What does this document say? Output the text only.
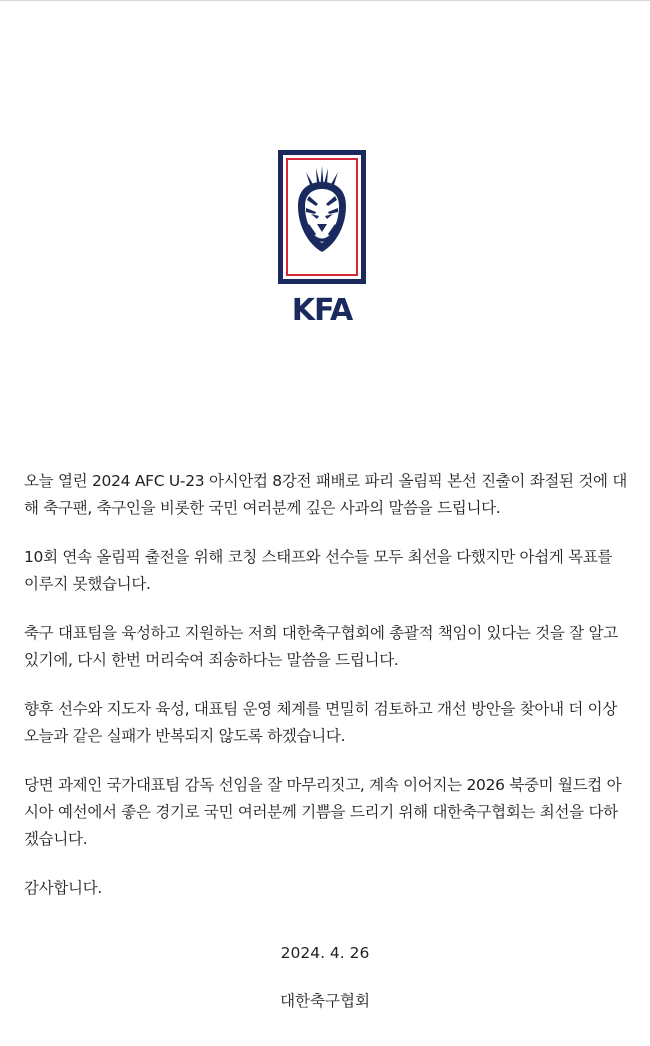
KFA

오늘 열린 2024 AFC U-23 아시안컵 8강전 패배로 파리 올림픽 본선 진출이 좌절된 것에 대해 축구팬, 축구인을 비롯한 국민 여러분께 깊은 사과의 말씀을 드립니다.

10회 연속 올림픽 출전을 위해 코칭 스태프와 선수들 모두 최선을 다했지만 아쉽게 목표를 이루지 못했습니다.

축구 대표팀을 육성하고 지원하는 저희 대한축구협회에 총괄적 책임이 있다는 것을 잘 알고 있기에, 다시 한번 머리숙여 죄송하다는 말씀을 드립니다.

향후 선수와 지도자 육성, 대표팀 운영 체계를 면밀히 검토하고 개선 방안을 찾아내 더 이상 오늘과 같은 실패가 반복되지 않도록 하겠습니다.

당면 과제인 국가대표팀 감독 선임을 잘 마무리짓고, 계속 이어지는 2026 북중미 월드컵 아시아 예선에서 좋은 경기로 국민 여러분께 기쁨을 드리기 위해 대한축구협회는 최선을 다하겠습니다.

감사합니다.

2024. 4. 26
대한축구협회
